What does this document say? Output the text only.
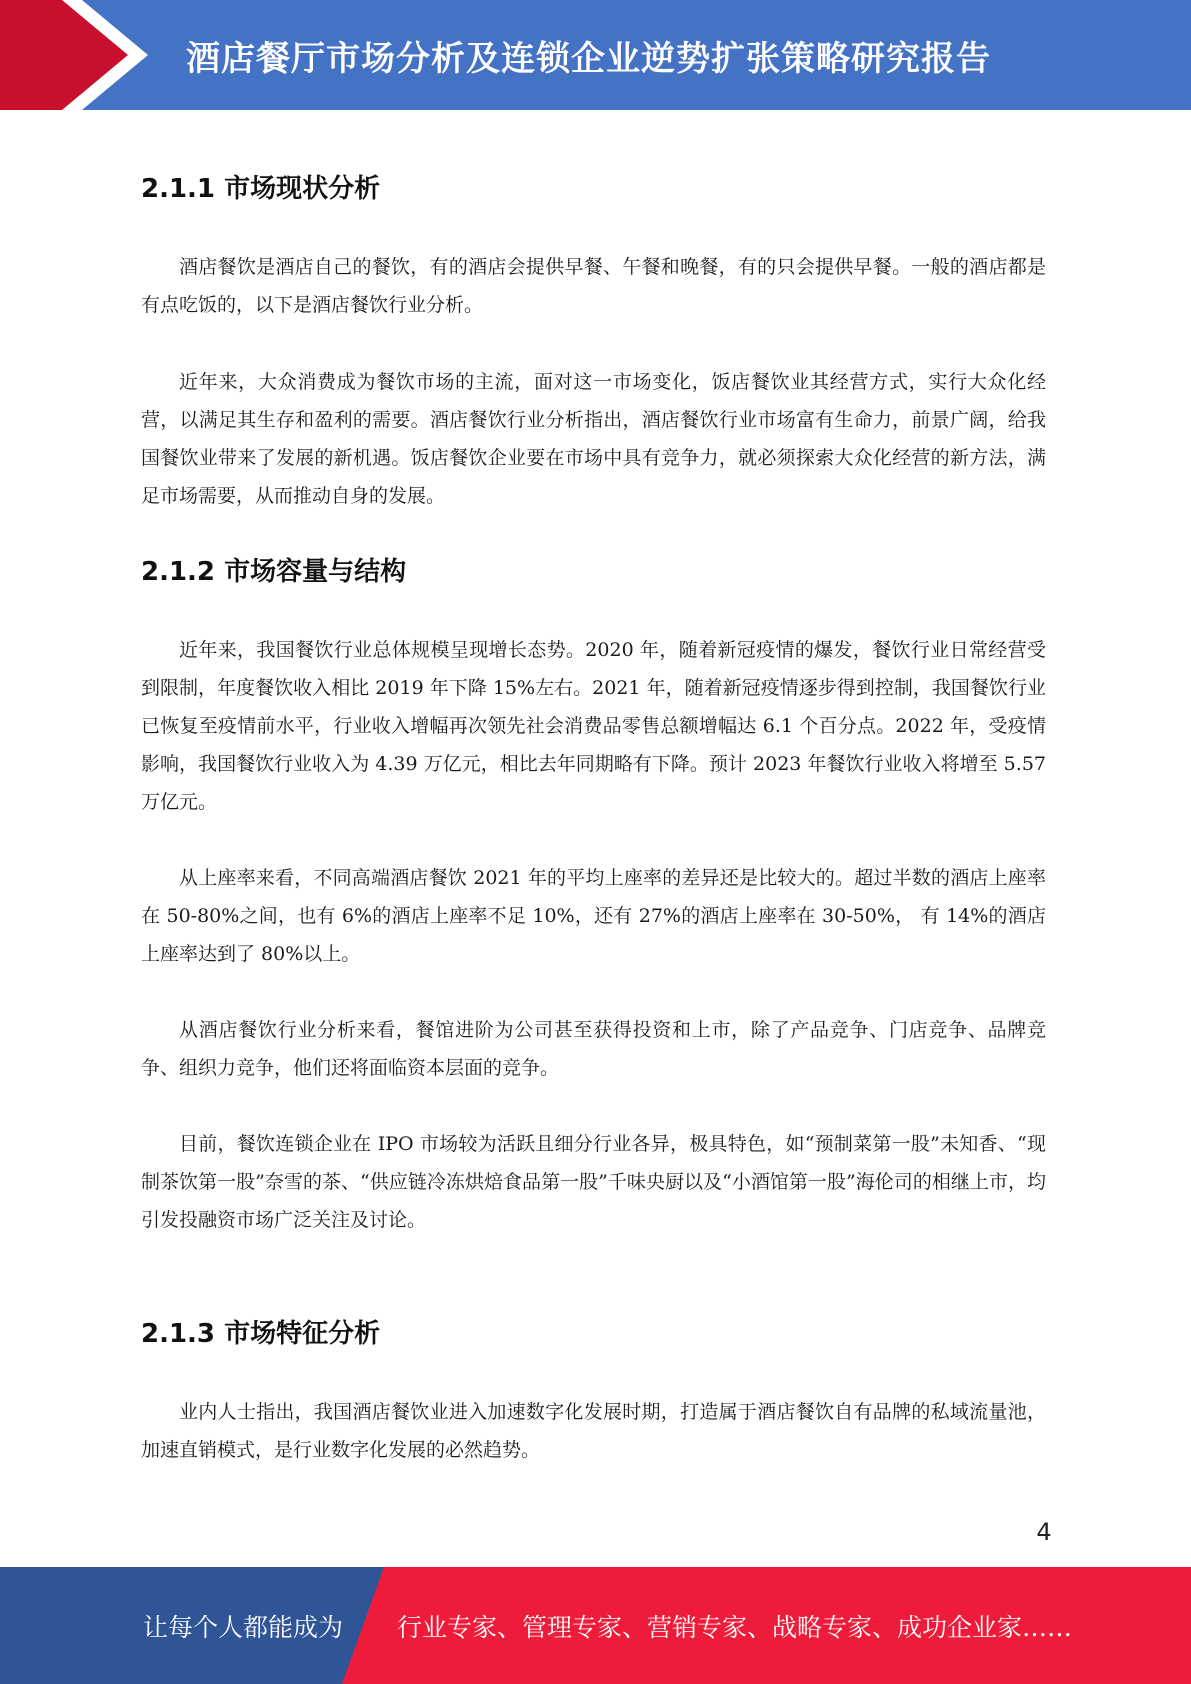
酒店餐厅市场分析及连锁企业逆势扩张策略研究报告
2.1.1 市场现状分析

酒店餐饮是酒店自己的餐饮，有的酒店会提供早餐、午餐和晚餐，有的只会提供早餐。一般的酒店都是有点吃饭的，以下是酒店餐饮行业分析。

近年来，大众消费成为餐饮市场的主流，面对这一市场变化，饭店餐饮业其经营方式，实行大众化经营，以满足其生存和盈利的需要。酒店餐饮行业分析指出，酒店餐饮行业市场富有生命力，前景广阔，给我国餐饮业带来了发展的新机遇。饭店餐饮企业要在市场中具有竞争力，就必须探索大众化经营的新方法，满足市场需要，从而推动自身的发展。

2.1.2 市场容量与结构

近年来，我国餐饮行业总体规模呈现增长态势。2020 年，随着新冠疫情的爆发，餐饮行业日常经营受到限制，年度餐饮收入相比 2019 年下降 15%左右。2021 年，随着新冠疫情逐步得到控制，我国餐饮行业已恢复至疫情前水平，行业收入增幅再次领先社会消费品零售总额增幅达 6.1 个百分点。2022 年，受疫情影响，我国餐饮行业收入为 4.39 万亿元，相比去年同期略有下降。预计 2023 年餐饮行业收入将增至 5.57 万亿元。

从上座率来看，不同高端酒店餐饮 2021 年的平均上座率的差异还是比较大的。超过半数的酒店上座率在 50-80%之间，也有 6%的酒店上座率不足 10%，还有 27%的酒店上座率在 30-50%， 有 14%的酒店上座率达到了 80%以上。

从酒店餐饮行业分析来看，餐馆进阶为公司甚至获得投资和上市，除了产品竞争、门店竞争、品牌竞争、组织力竞争，他们还将面临资本层面的竞争。

目前，餐饮连锁企业在 IPO 市场较为活跃且细分行业各异，极具特色，如“预制菜第一股”未知香、“现制茶饮第一股”奈雪的茶、“供应链冷冻烘焙食品第一股”千味央厨以及“小酒馆第一股”海伦司的相继上市，均引发投融资市场广泛关注及讨论。

2.1.3 市场特征分析

业内人士指出，我国酒店餐饮业进入加速数字化发展时期，打造属于酒店餐饮自有品牌的私域流量池，加速直销模式，是行业数字化发展的必然趋势。

4
让每个人都能成为 行业专家、管理专家、营销专家、战略专家、成功企业家……
